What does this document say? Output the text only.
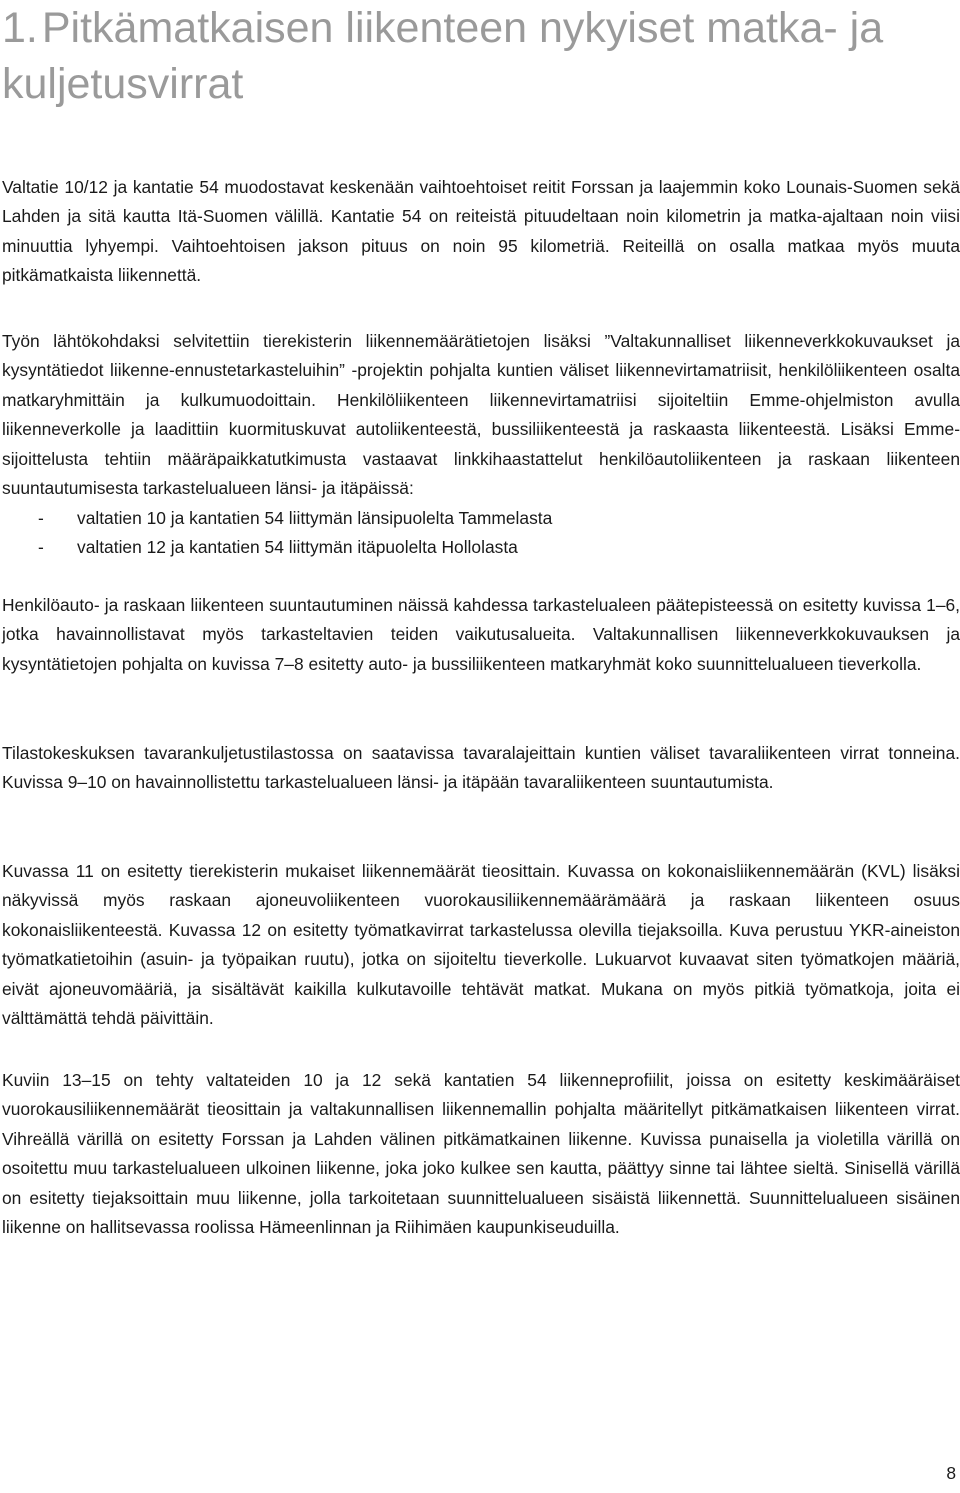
1.Pitkämatkaisen liikenteen nykyiset matka- ja kuljetusvirrat

Valtatie 10/12 ja kantatie 54 muodostavat keskenään vaihtoehtoiset reitit Forssan ja laajemmin koko Lounais-Suomen sekä Lahden ja sitä kautta Itä-Suomen välillä. Kantatie 54 on reiteistä pituudeltaan noin kilometrin ja matka-ajaltaan noin viisi minuuttia lyhyempi. Vaihtoehtoisen jakson pituus on noin 95 kilometriä. Reiteillä on osalla matkaa myös muuta pitkämatkaista liikennettä.

Työn lähtökohdaksi selvitettiin tierekisterin liikennemäärätietojen lisäksi ”Valtakunnalliset liikenneverkkokuvaukset ja kysyntätiedot liikenne-ennustetarkasteluihin” -projektin pohjalta kuntien väliset liikennevirtamatriisit, henkilöliikenteen osalta matkaryhmittäin ja kulkumuodoittain. Henkilöliikenteen liikennevirtamatriisi sijoiteltiin Emme-ohjelmiston avulla liikenneverkolle ja laadittiin kuormituskuvat autoliikenteestä, bussiliikenteestä ja raskaasta liikenteestä. Lisäksi Emme-sijoittelusta tehtiin määräpaikkatutkimusta vastaavat linkkihaastattelut henkilöautoliikenteen ja raskaan liikenteen suuntautumisesta tarkastelualueen länsi- ja itäpäissä:

- valtatien 10 ja kantatien 54 liittymän länsipuolelta Tammelasta
- valtatien 12 ja kantatien 54 liittymän itäpuolelta Hollolasta

Henkilöauto- ja raskaan liikenteen suuntautuminen näissä kahdessa tarkastelualeen päätepisteessä on esitetty kuvissa 1–6, jotka havainnollistavat myös tarkasteltavien teiden vaikutusalueita. Valtakunnallisen liikenneverkkokuvauksen ja kysyntätietojen pohjalta on kuvissa 7–8 esitetty auto- ja bussiliikenteen matkaryhmät koko suunnittelualueen tieverkolla.

Tilastokeskuksen tavarankuljetustilastossa on saatavissa tavaralajeittain kuntien väliset tavaraliikenteen virrat tonneina. Kuvissa 9–10 on havainnollistettu tarkastelualueen länsi- ja itäpään tavaraliikenteen suuntautumista.

Kuvassa 11 on esitetty tierekisterin mukaiset liikennemäärät tieosittain. Kuvassa on kokonaisliikennemäärän (KVL) lisäksi näkyvissä myös raskaan ajoneuvoliikenteen vuorokausiliikennemäärämäärä ja raskaan liikenteen osuus kokonaisliikenteestä. Kuvassa 12 on esitetty työmatkavirrat tarkastelussa olevilla tiejaksoilla. Kuva perustuu YKR-aineiston työmatkatietoihin (asuin- ja työpaikan ruutu), jotka on sijoiteltu tieverkolle. Lukuarvot kuvaavat siten työmatkojen määriä, eivät ajoneuvomääriä, ja sisältävät kaikilla kulkutavoille tehtävät matkat. Mukana on myös pitkiä työmatkoja, joita ei välttämättä tehdä päivittäin.

Kuviin 13–15 on tehty valtateiden 10 ja 12 sekä kantatien 54 liikenneprofiilit, joissa on esitetty keskimääräiset vuorokausiliikennemäärät tieosittain ja valtakunnallisen liikennemallin pohjalta määritellyt pitkämatkaisen liikenteen virrat. Vihreällä värillä on esitetty Forssan ja Lahden välinen pitkämatkainen liikenne. Kuvissa punaisella ja violetilla värillä on osoitettu muu tarkastelualueen ulkoinen liikenne, joka joko kulkee sen kautta, päättyy sinne tai lähtee sieltä. Sinisellä värillä on esitetty tiejaksoittain muu liikenne, jolla tarkoitetaan suunnittelualueen sisäistä liikennettä. Suunnittelualueen sisäinen liikenne on hallitsevassa roolissa Hämeenlinnan ja Riihimäen kaupunkiseuduilla.

8
